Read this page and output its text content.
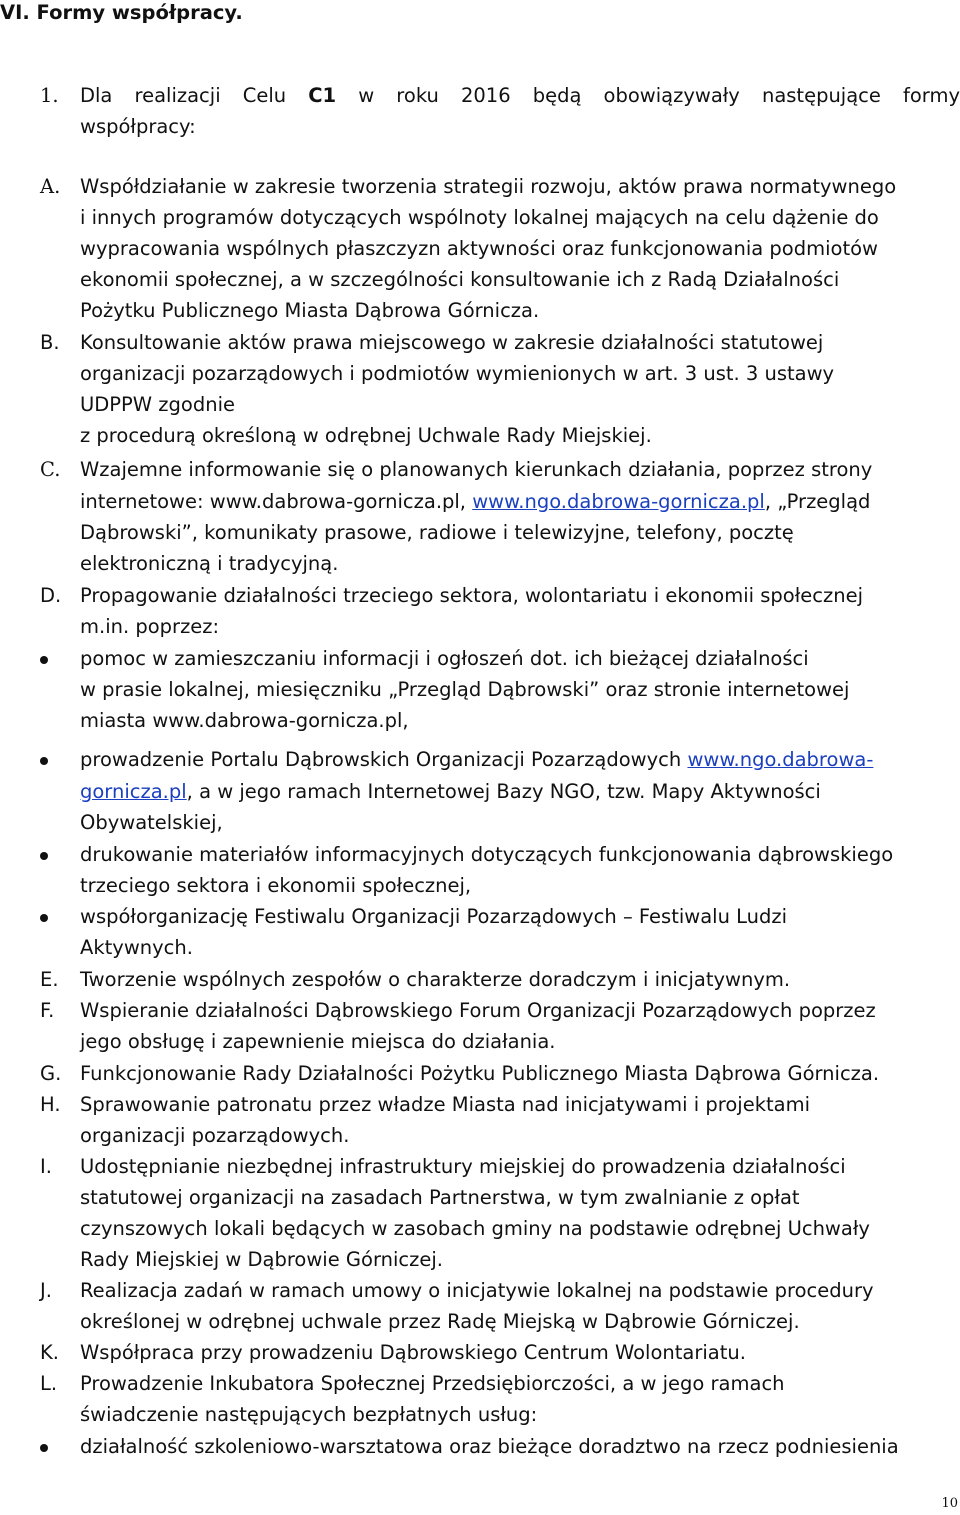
VI. Formy współpracy.
1. Dla realizacji Celu C1 w roku 2016 będą obowiązywały następujące formy
współpracy:
A. Współdziałanie w zakresie tworzenia strategii rozwoju, aktów prawa normatywnego
i innych programów dotyczących wspólnoty lokalnej mających na celu dążenie do
wypracowania wspólnych płaszczyzn aktywności oraz funkcjonowania podmiotów
ekonomii społecznej, a w szczególności konsultowanie ich z Radą Działalności
Pożytku Publicznego Miasta Dąbrowa Górnicza.
B. Konsultowanie aktów prawa miejscowego w zakresie działalności statutowej
organizacji pozarządowych i podmiotów wymienionych w art. 3 ust. 3 ustawy
UDPPW zgodnie
z procedurą określoną w odrębnej Uchwale Rady Miejskiej.
C. Wzajemne informowanie się o planowanych kierunkach działania, poprzez strony
internetowe: www.dabrowa-gornicza.pl, www.ngo.dabrowa-gornicza.pl, „Przegląd
Dąbrowski”, komunikaty prasowe, radiowe i telewizyjne, telefony, pocztę
elektroniczną i tradycyjną.
D. Propagowanie działalności trzeciego sektora, wolontariatu i ekonomii społecznej
m.in. poprzez:
pomoc w zamieszczaniu informacji i ogłoszeń dot. ich bieżącej działalności
w prasie lokalnej, miesięczniku „Przegląd Dąbrowski” oraz stronie internetowej
miasta www.dabrowa-gornicza.pl,
prowadzenie Portalu Dąbrowskich Organizacji Pozarządowych www.ngo.dabrowa-
gornicza.pl, a w jego ramach Internetowej Bazy NGO, tzw. Mapy Aktywności
Obywatelskiej,
drukowanie materiałów informacyjnych dotyczących funkcjonowania dąbrowskiego
trzeciego sektora i ekonomii społecznej,
współorganizację Festiwalu Organizacji Pozarządowych – Festiwalu Ludzi
Aktywnych.
E. Tworzenie wspólnych zespołów o charakterze doradczym i inicjatywnym.
F. Wspieranie działalności Dąbrowskiego Forum Organizacji Pozarządowych poprzez
jego obsługę i zapewnienie miejsca do działania.
G. Funkcjonowanie Rady Działalności Pożytku Publicznego Miasta Dąbrowa Górnicza.
H. Sprawowanie patronatu przez władze Miasta nad inicjatywami i projektami
organizacji pozarządowych.
I. Udostępnianie niezbędnej infrastruktury miejskiej do prowadzenia działalności
statutowej organizacji na zasadach Partnerstwa, w tym zwalnianie z opłat
czynszowych lokali będących w zasobach gminy na podstawie odrębnej Uchwały
Rady Miejskiej w Dąbrowie Górniczej.
J. Realizacja zadań w ramach umowy o inicjatywie lokalnej na podstawie procedury
określonej w odrębnej uchwale przez Radę Miejską w Dąbrowie Górniczej.
K. Współpraca przy prowadzeniu Dąbrowskiego Centrum Wolontariatu.
L. Prowadzenie Inkubatora Społecznej Przedsiębiorczości, a w jego ramach
świadczenie następujących bezpłatnych usług:
działalność szkoleniowo-warsztatowa oraz bieżące doradztwo na rzecz podniesienia
10
